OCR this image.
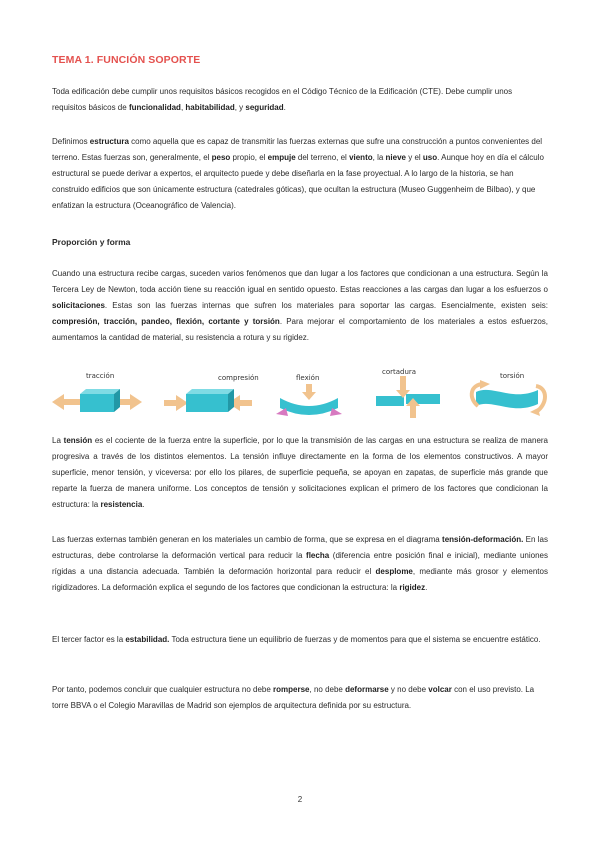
TEMA 1. FUNCIÓN SOPORTE

Toda edificación debe cumplir unos requisitos básicos recogidos en el Código Técnico de la Edificación (CTE). Debe cumplir unos requisitos básicos de funcionalidad, habitabilidad, y seguridad.

Definimos estructura como aquella que es capaz de transmitir las fuerzas externas que sufre una construcción a puntos convenientes del terreno. Estas fuerzas son, generalmente, el peso propio, el empuje del terreno, el viento, la nieve y el uso. Aunque hoy en día el cálculo estructural se puede derivar a expertos, el arquitecto puede y debe diseñarla en la fase proyectual. A lo largo de la historia, se han construido edificios que son únicamente estructura (catedrales góticas), que ocultan la estructura (Museo Guggenheim de Bilbao), y que enfatizan la estructura (Oceanográfico de Valencia).

Proporción y forma

Cuando una estructura recibe cargas, suceden varios fenómenos que dan lugar a los factores que condicionan a una estructura. Según la Tercera Ley de Newton, toda acción tiene su reacción igual en sentido opuesto. Estas reacciones a las cargas dan lugar a los esfuerzos o solicitaciones. Estas son las fuerzas internas que sufren los materiales para soportar las cargas. Esencialmente, existen seis: compresión, tracción, pandeo, flexión, cortante y torsión. Para mejorar el comportamiento de los materiales a estos esfuerzos, aumentamos la cantidad de material, su resistencia a rotura y su rigidez.

tracción	compresión	flexión
cortadura	torsión

La tensión es el cociente de la fuerza entre la superficie, por lo que la transmisión de las cargas en una estructura se realiza de manera progresiva a través de los distintos elementos. La tensión influye directamente en la forma de los elementos constructivos. A mayor superficie, menor tensión, y viceversa: por ello los pilares, de superficie pequeña, se apoyan en zapatas, de superficie más grande que reparte la fuerza de manera uniforme. Los conceptos de tensión y solicitaciones explican el primero de los factores que condicionan la estructura: la resistencia.

Las fuerzas externas también generan en los materiales un cambio de forma, que se expresa en el diagrama tensión-deformación. En las estructuras, debe controlarse la deformación vertical para reducir la flecha (diferencia entre posición final e inicial), mediante uniones rígidas a una distancia adecuada. También la deformación horizontal para reducir el desplome, mediante más grosor y elementos rigidizadores. La deformación explica el segundo de los factores que condicionan la estructura: la rigidez.

El tercer factor es la estabilidad. Toda estructura tiene un equilibrio de fuerzas y de momentos para que el sistema se encuentre estático.

Por tanto, podemos concluir que cualquier estructura no debe romperse, no debe deformarse y no debe volcar con el uso previsto. La torre BBVA o el Colegio Maravillas de Madrid son ejemplos de arquitectura definida por su estructura.

2
